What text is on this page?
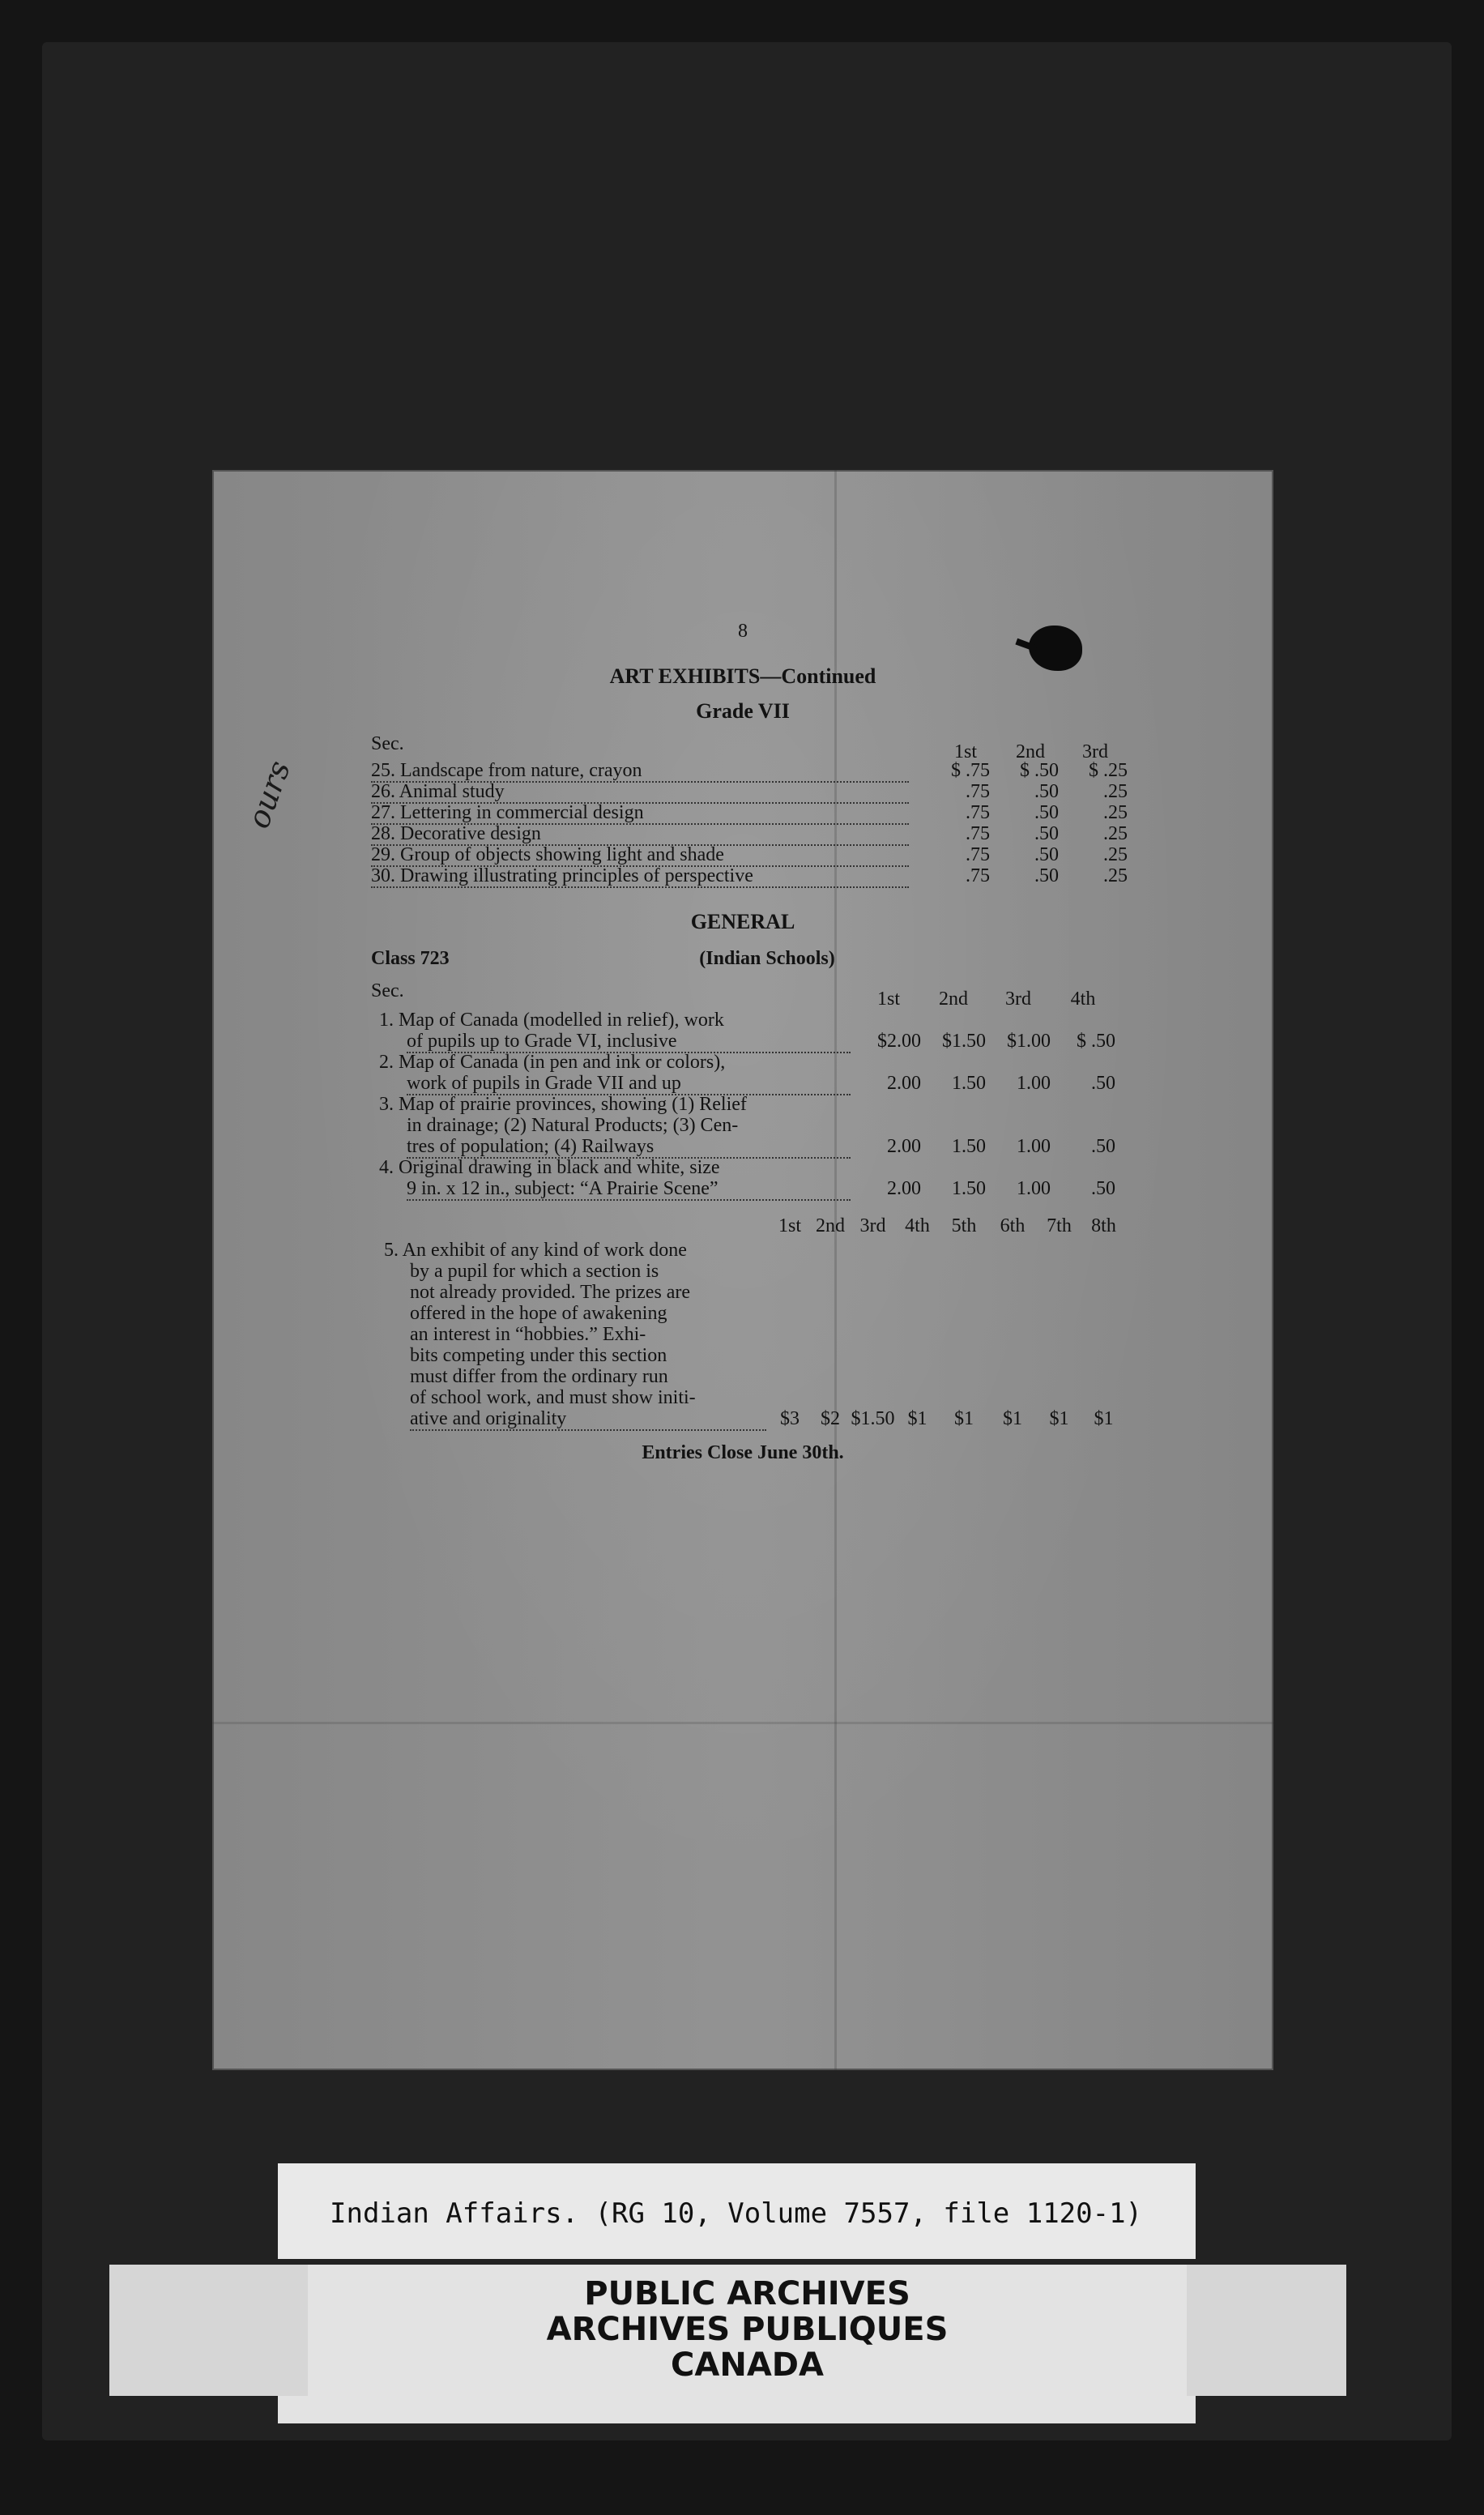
8
ART EXHIBITS—Continued
Grade VII
Sec.	1st	2nd	3rd
25. Landscape from nature, crayon	$ .75	$ .50	$ .25
26. Animal study	.75	.50	.25
27. Lettering in commercial design	.75	.50	.25
28. Decorative design	.75	.50	.25
29. Group of objects showing light and shade	.75	.50	.25
30. Drawing illustrating principles of perspective	.75	.50	.25
GENERAL
Class 723	(Indian Schools)
Sec.	1st	2nd	3rd	4th
1. Map of Canada (modelled in relief), work
of pupils up to Grade VI, inclusive	$2.00	$1.50	$1.00	$ .50
2. Map of Canada (in pen and ink or colors),
work of pupils in Grade VII and up	2.00	1.50	1.00	.50
3. Map of prairie provinces, showing (1) Relief
in drainage; (2) Natural Products; (3) Cen-
tres of population; (4) Railways	2.00	1.50	1.00	.50
4. Original drawing in black and white, size
9 in. x 12 in., subject: “A Prairie Scene”	2.00	1.50	1.00	.50
1st 2nd 3rd 4th	5th	6th	7th	8th
5. An exhibit of any kind of work done
by a pupil for which a section is
not already provided. The prizes are
offered in the hope of awakening
an interest in “hobbies.” Exhi-
bits competing under this section
must differ from the ordinary run
of school work, and must show initi-
ative and originality	$3	$2 $1.50 $1	$1	$1	$1	$1
Entries Close June 30th.
ours
Indian Affairs. (RG 10, Volume 7557, file 1120-1)
PUBLIC ARCHIVES
ARCHIVES PUBLIQUES
CANADA
